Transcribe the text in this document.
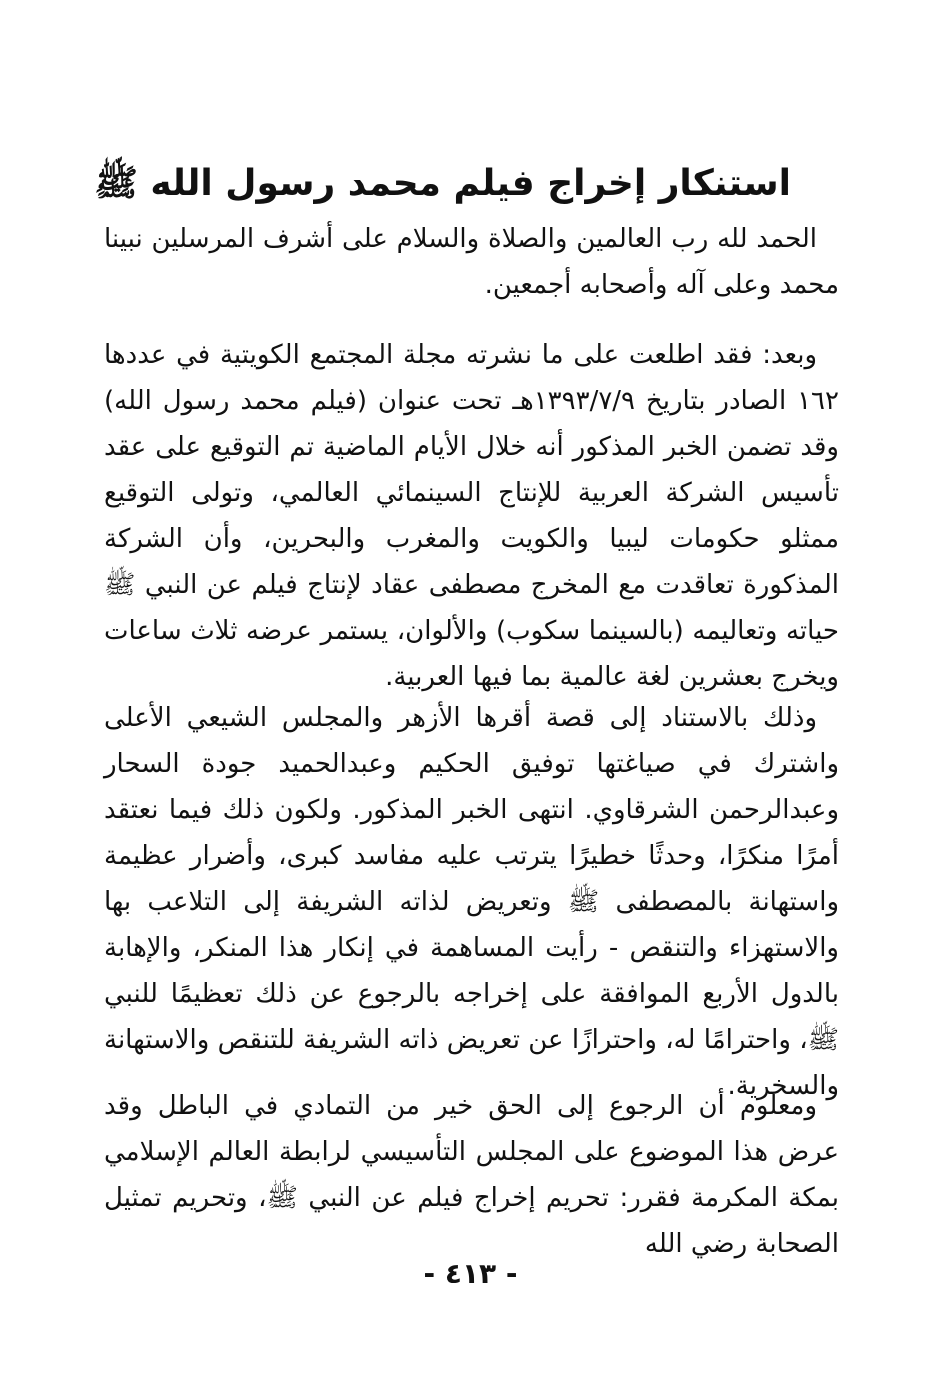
استنكار إخراج فيلم محمد رسول الله ﷺ

الحمد لله رب العالمين والصلاة والسلام على أشرف المرسلين نبينا محمد وعلى آله وأصحابه أجمعين.

وبعد: فقد اطلعت على ما نشرته مجلة المجتمع الكويتية في عددها ١٦٢ الصادر بتاريخ ١٣٩٣/٧/٩هـ تحت عنوان (فيلم محمد رسول الله) وقد تضمن الخبر المذكور أنه خلال الأيام الماضية تم التوقيع على عقد تأسيس الشركة العربية للإنتاج السينمائي العالمي، وتولى التوقيع ممثلو حكومات ليبيا والكويت والمغرب والبحرين، وأن الشركة المذكورة تعاقدت مع المخرج مصطفى عقاد لإنتاج فيلم عن النبي ﷺ حياته وتعاليمه (بالسينما سكوب) والألوان، يستمر عرضه ثلاث ساعات ويخرج بعشرين لغة عالمية بما فيها العربية.

وذلك بالاستناد إلى قصة أقرها الأزهر والمجلس الشيعي الأعلى واشترك في صياغتها توفيق الحكيم وعبدالحميد جودة السحار وعبدالرحمن الشرقاوي. انتهى الخبر المذكور. ولكون ذلك فيما نعتقد أمرًا منكرًا، وحدثًا خطيرًا يترتب عليه مفاسد كبرى، وأضرار عظيمة واستهانة بالمصطفى ﷺ وتعريض لذاته الشريفة إلى التلاعب بها والاستهزاء والتنقص - رأيت المساهمة في إنكار هذا المنكر، والإهابة بالدول الأربع الموافقة على إخراجه بالرجوع عن ذلك تعظيمًا للنبي ﷺ، واحترامًا له، واحترازًا عن تعريض ذاته الشريفة للتنقص والاستهانة والسخرية.

ومعلوم أن الرجوع إلى الحق خير من التمادي في الباطل وقد عرض هذا الموضوع على المجلس التأسيسي لرابطة العالم الإسلامي بمكة المكرمة فقرر: تحريم إخراج فيلم عن النبي ﷺ، وتحريم تمثيل الصحابة رضي الله

- ٤١٣ -
